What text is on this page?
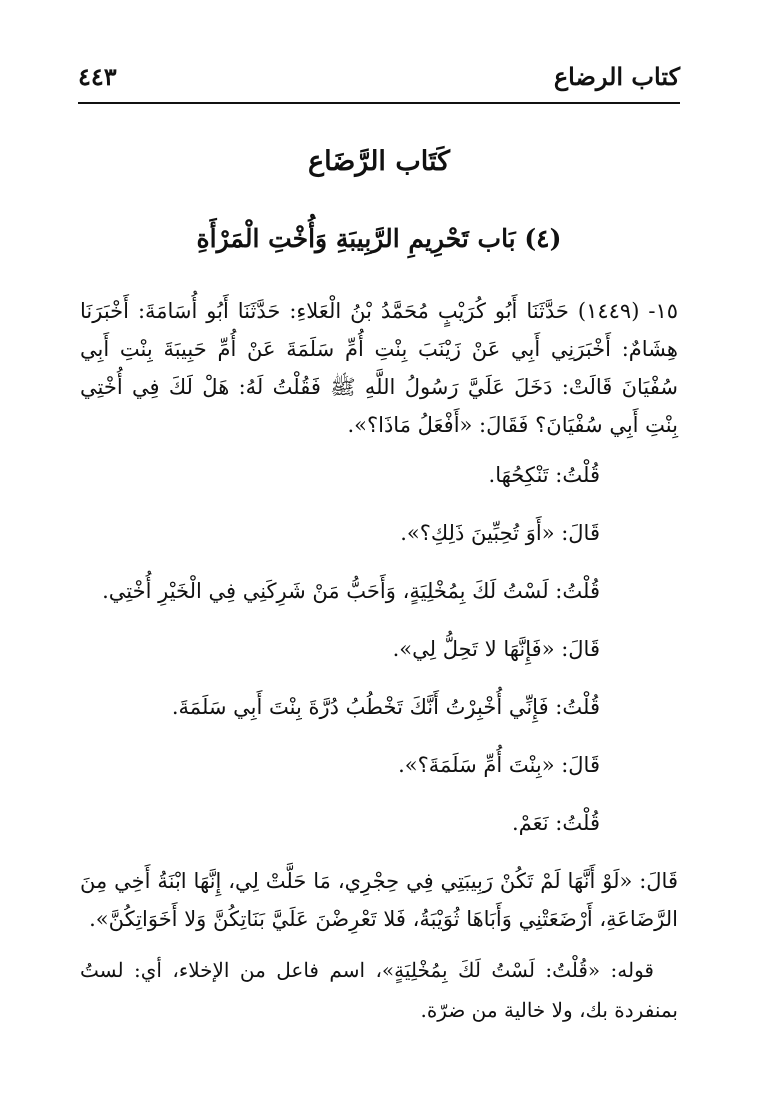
كتاب الرضاع
٤٤٣
كَتَاب الرَّضَاع
(٤) بَاب تَحْرِيمِ الرَّبِيبَةِ وَأُخْتِ الْمَرْأَةِ

١٥- (١٤٤٩) حَدَّثَنَا أَبُو كُرَيْبٍ مُحَمَّدُ بْنُ الْعَلاءِ: حَدَّثَنَا أَبُو أُسَامَةَ: أَخْبَرَنَا هِشَامٌ: أَخْبَرَنِي أَبِي عَنْ زَيْنَبَ بِنْتِ أُمِّ سَلَمَةَ عَنْ أُمِّ حَبِيبَةَ بِنْتِ أَبِي سُفْيَانَ قَالَتْ: دَخَلَ عَلَيَّ رَسُولُ اللَّهِ ﷺ فَقُلْتُ لَهُ: هَلْ لَكَ فِي أُخْتِي بِنْتِ أَبِي سُفْيَانَ؟ فَقَالَ: «أَفْعَلُ مَاذَا؟».

قُلْتُ: تَنْكِحُهَا.

قَالَ: «أَوَ تُحِبِّينَ ذَلِكِ؟».

قُلْتُ: لَسْتُ لَكَ بِمُخْلِيَةٍ، وَأَحَبُّ مَنْ شَرِكَنِي فِي الْخَيْرِ أُخْتِي.

قَالَ: «فَإِنَّهَا لا تَحِلُّ لِي».

قُلْتُ: فَإِنِّي أُخْبِرْتُ أَنَّكَ تَخْطُبُ دُرَّةَ بِنْتَ أَبِي سَلَمَةَ.

قَالَ: «بِنْتَ أُمِّ سَلَمَةَ؟».

قُلْتُ: نَعَمْ.

قَالَ: «لَوْ أَنَّهَا لَمْ تَكُنْ رَبِيبَتِي فِي حِجْرِي، مَا حَلَّتْ لِي، إِنَّهَا ابْنَةُ أَخِي مِنَ الرَّضَاعَةِ، أَرْضَعَتْنِي وَأَبَاهَا ثُوَيْبَةُ، فَلا تَعْرِضْنَ عَلَيَّ بَنَاتِكُنَّ وَلا أَخَوَاتِكُنَّ».

قوله: «قُلْتُ: لَسْتُ لَكَ بِمُخْلِيَةٍ»، اسم فاعل من الإخلاء، أي: لستُ بمنفردة بك، ولا خالية من ضرّة.
